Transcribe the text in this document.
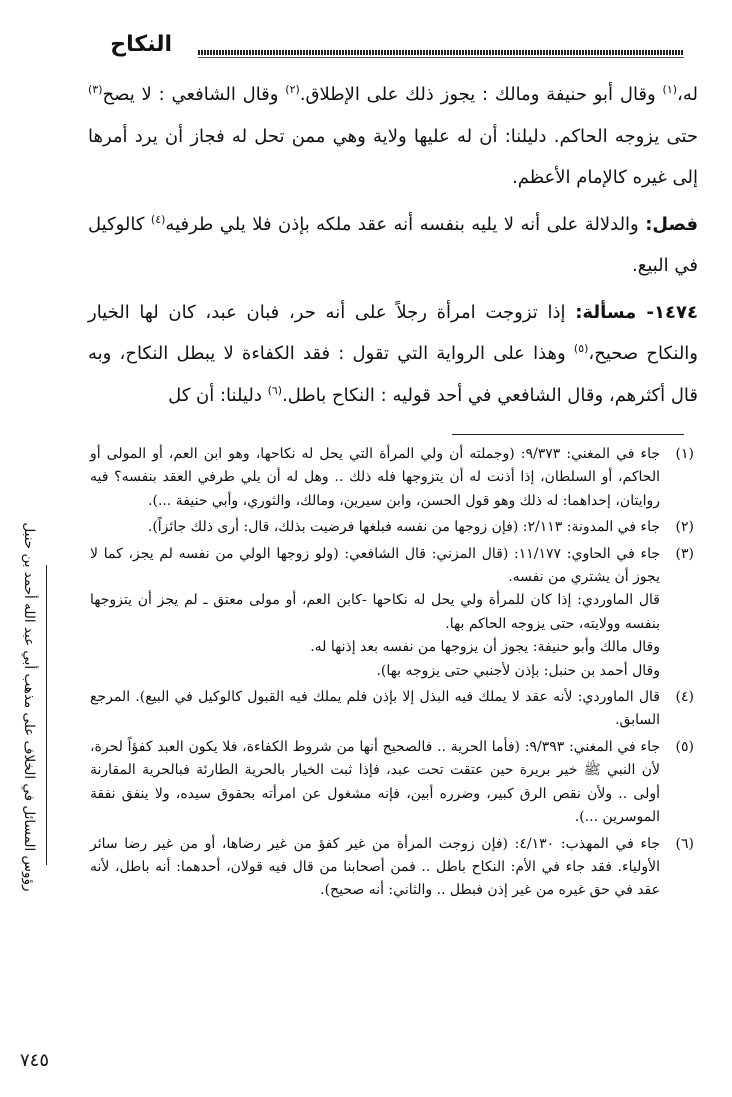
النكاح

له،$^{(١)}$ وقال أبو حنيفة ومالك : يجوز ذلك على الإطلاق.$^{(٢)}$ وقال الشافعي : لا يصح$^{(٣)}$ حتى يزوجه الحاكم. دليلنا: أن له عليها ولاية وهي ممن تحل له فجاز أن يرد أمرها إلى غيره كالإمام الأعظم.

فصل: والدلالة على أنه لا يليه بنفسه أنه عقد ملكه بإذن فلا يلي طرفيه$^{(٤)}$ كالوكيل في البيع.

١٤٧٤- مسألة: إذا تزوجت امرأة رجلاً على أنه حر، فبان عبد، كان لها الخيار والنكاح صحيح،$^{(٥)}$ وهذا على الرواية التي تقول : فقد الكفاءة لا يبطل النكاح، وبه قال أكثرهم، وقال الشافعي في أحد قوليه : النكاح باطل.$^{(٦)}$ دليلنا: أن كل

(١)

جاء في المغني: ٩/٣٧٣: (وجملته أن ولي المرأة التي يحل له نكاحها، وهو ابن العم، أو المولى أو الحاكم، أو السلطان، إذا أذنت له أن يتزوجها فله ذلك .. وهل له أن يلي طرفي العقد بنفسه؟ فيه روايتان، إحداهما: له ذلك وهو قول الحسن، وابن سيرين، ومالك، والثوري، وأبي حنيفة ...).

(٢)

جاء في المدونة: ٢/١١٣: (فإن زوجها من نفسه فبلغها فرضيت بذلك، قال: أرى ذلك جائزاً).

(٣)

جاء في الحاوي: ١١/١٧٧: (قال المزني: قال الشافعي: (ولو زوجها الولي من نفسه لم يجز، كما لا يجوز أن يشتري من نفسه.

قال الماوردي: إذا كان للمرأة ولي يحل له نكاحها -كابن العم، أو مولى معتق ـ لم يجز أن يتزوجها بنفسه وولايته، حتى يزوجه الحاكم بها.

وقال مالك وأبو حنيفة: يجوز أن يزوجها من نفسه بعد إذنها له.

وقال أحمد بن حنبل: بإذن لأجنبي حتى يزوجه بها).

(٤)

قال الماوردي: لأنه عقد لا يملك فيه البذل إلا بإذن فلم يملك فيه القبول كالوكيل في البيع). المرجع السابق.

(٥)

جاء في المغني: ٩/٣٩٣: (فأما الحرية .. فالصحيح أنها من شروط الكفاءة، فلا يكون العبد كفؤاً لحرة، لأن النبي ﷺ خير بريرة حين عتقت تحت عبد، فإذا ثبت الخيار بالحرية الطارئة فبالحرية المقارنة أولى .. ولأن نقص الرق كبير، وضرره أبين، فإنه مشغول عن امرأته بحقوق سيده، ولا ينفق نفقة الموسرين ...).

(٦)

جاء في المهذب: ٤/١٣٠: (فإن زوجت المرأة من غير كفؤ من غير رضاها، أو من غير رضا سائر الأولياء. فقد جاء في الأم: النكاح باطل .. فمن أصحابنا من قال فيه قولان، أحدهما: أنه باطل، لأنه عقد في حق غيره من غير إذن فبطل .. والثاني: أنه صحيح).

رؤوس المسائل في الخلاف على مذهب أبي عبد الله أحمد بن حنبل
٧٤٥
